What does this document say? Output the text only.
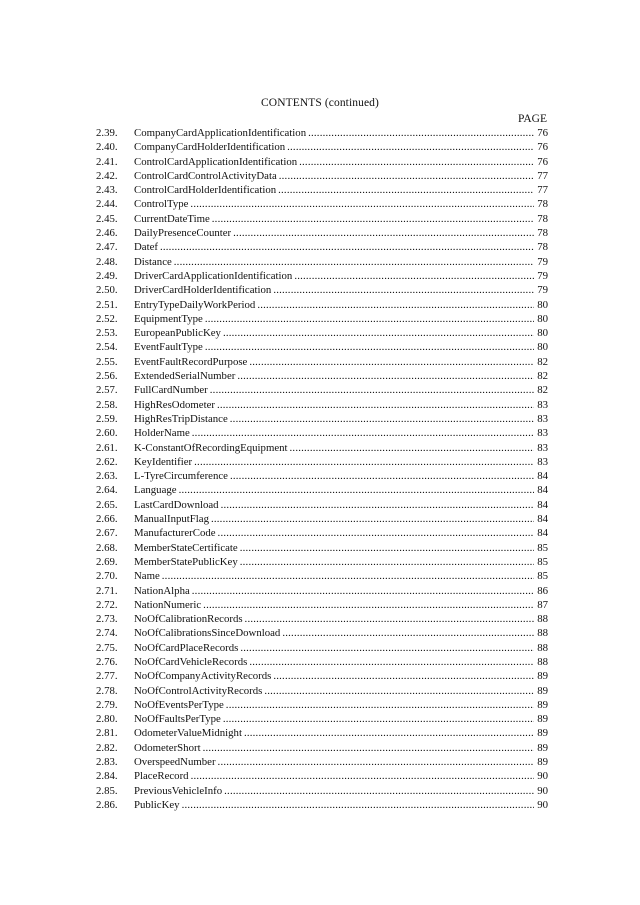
CONTENTS (continued)
PAGE
2.39.	CompanyCardApplicationIdentification .....	76
2.40.	CompanyCardHolderIdentification .....	76
2.41.	ControlCardApplicationIdentification .....	76
2.42.	ControlCardControlActivityData .....	77
2.43.	ControlCardHolderIdentification .....	77
2.44.	ControlType .....	78
2.45.	CurrentDateTime .....	78
2.46.	DailyPresenceCounter .....	78
2.47.	Datef .....	78
2.48.	Distance .....	79
2.49.	DriverCardApplicationIdentification .....	79
2.50.	DriverCardHolderIdentification .....	79
2.51.	EntryTypeDailyWorkPeriod .....	80
2.52.	EquipmentType .....	80
2.53.	EuropeanPublicKey .....	80
2.54.	EventFaultType .....	80
2.55.	EventFaultRecordPurpose .....	82
2.56.	ExtendedSerialNumber .....	82
2.57.	FullCardNumber .....	82
2.58.	HighResOdometer .....	83
2.59.	HighResTripDistance .....	83
2.60.	HolderName .....	83
2.61.	K-ConstantOfRecordingEquipment .....	83
2.62.	KeyIdentifier .....	83
2.63.	L-TyreCircumference .....	84
2.64.	Language .....	84
2.65.	LastCardDownload .....	84
2.66.	ManualInputFlag .....	84
2.67.	ManufacturerCode .....	84
2.68.	MemberStateCertificate .....	85
2.69.	MemberStatePublicKey .....	85
2.70.	Name .....	85
2.71.	NationAlpha .....	86
2.72.	NationNumeric .....	87
2.73.	NoOfCalibrationRecords .....	88
2.74.	NoOfCalibrationsSinceDownload .....	88
2.75.	NoOfCardPlaceRecords .....	88
2.76.	NoOfCardVehicleRecords .....	88
2.77.	NoOfCompanyActivityRecords .....	89
2.78.	NoOfControlActivityRecords .....	89
2.79.	NoOfEventsPerType .....	89
2.80.	NoOfFaultsPerType .....	89
2.81.	OdometerValueMidnight .....	89
2.82.	OdometerShort .....	89
2.83.	OverspeedNumber .....	89
2.84.	PlaceRecord .....	90
2.85.	PreviousVehicleInfo .....	90
2.86.	PublicKey .....	90
